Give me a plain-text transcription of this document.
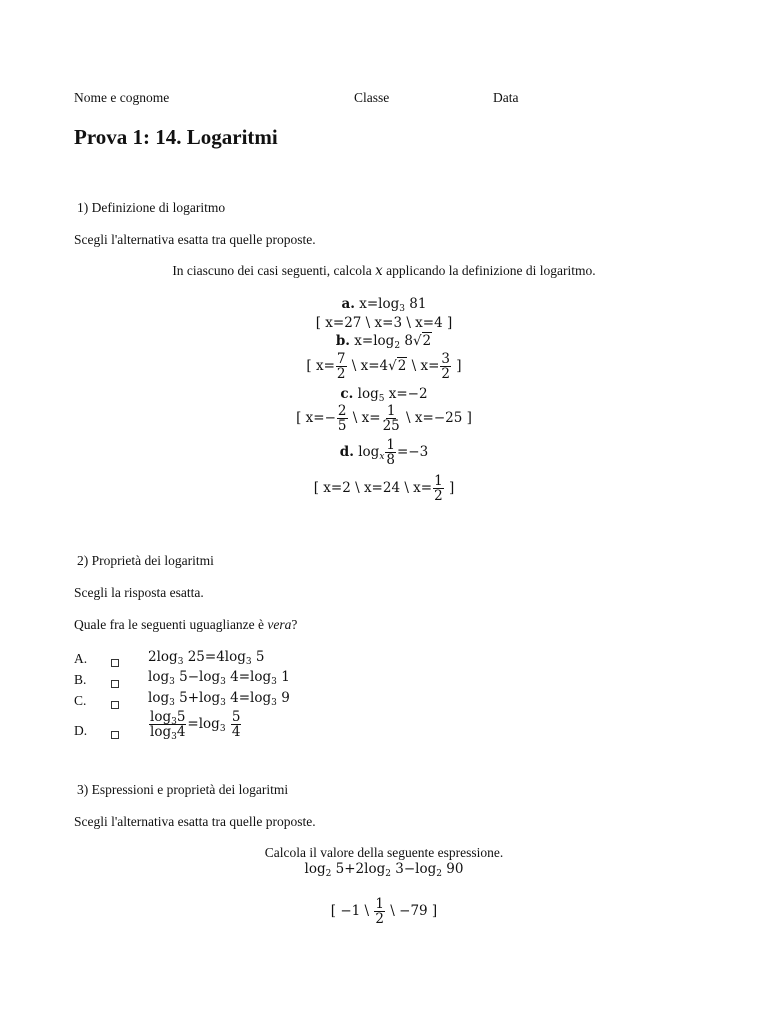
Nome e cognome	Classe	Data
Prova 1: 14. Logaritmi
1) Definizione di logaritmo
Scegli l'alternativa esatta tra quelle proposte.
In ciascuno dei casi seguenti, calcola x applicando la definizione di logaritmo.
a. $x=\log_3$ 81
[ x=27 \ x=3 \ x=4 ]
b. $x=\log_2$ 8√2
[ $x= \frac{7}{2}$ \ x=4√2 \ $x= \frac{3}{2}$ ]
c. $\log_5 x=-2$
[ $x=- \frac{2}{5}$ \ $x= \frac{1}{25}$ \ x=−25 ]
d. $\log_x \frac{1}{8} =-3$
[ x=2 \ x=24 \ $x= \frac{1}{2}$ ]
2) Proprietà dei logaritmi
Scegli la risposta esatta.
Quale fra le seguenti uguaglianze è vera?
A.	$2\log_3$ $25=4\log_3$ 5
B.	$\log_3 5-\log_3$ $4=\log_3$ 1
C.	$\log_3 5+\log_3$ $4=\log_3$ 9
D.	$\frac{\log_35}{\log_34} =\log_3 \frac{5}{4}$
3) Espressioni e proprietà dei logaritmi
Scegli l'alternativa esatta tra quelle proposte.
Calcola il valore della seguente espressione.
$\log_2 5+2\log_2$ $3-\log_2$ 90
[ −1 \ $\frac{1}{2}$ \ −79 ]
